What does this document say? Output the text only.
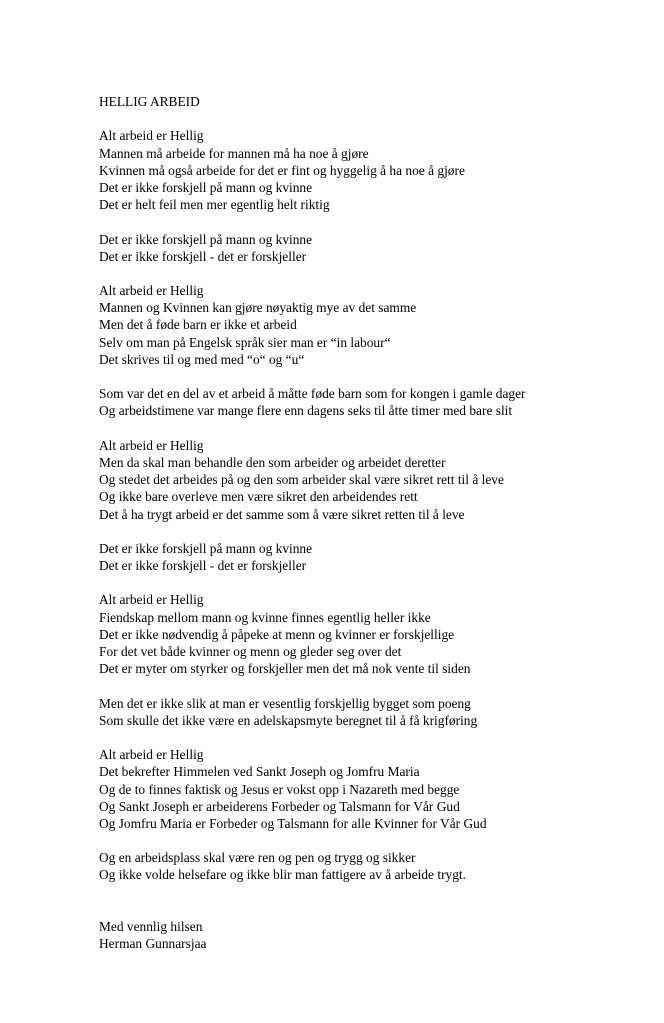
HELLIG ARBEID
Alt arbeid er Hellig
Mannen må arbeide for mannen må ha noe å gjøre
Kvinnen må også arbeide for det er fint og hyggelig å ha noe å gjøre
Det er ikke forskjell på mann og kvinne
Det er helt feil men mer egentlig helt riktig
Det er ikke forskjell på mann og kvinne
Det er ikke forskjell - det er forskjeller
Alt arbeid er Hellig
Mannen og Kvinnen kan gjøre nøyaktig mye av det samme
Men det å føde barn er ikke et arbeid
Selv om man på Engelsk språk sier man er “in labour“
Det skrives til og med med “o“ og “u“
Som var det en del av et arbeid å måtte føde barn som for kongen i gamle dager
Og arbeidstimene var mange flere enn dagens seks til åtte timer med bare slit
Alt arbeid er Hellig
Men da skal man behandle den som arbeider og arbeidet deretter
Og stedet det arbeides på og den som arbeider skal være sikret rett til å leve
Og ikke bare overleve men være sikret den arbeidendes rett
Det å ha trygt arbeid er det samme som å være sikret retten til å leve
Det er ikke forskjell på mann og kvinne
Det er ikke forskjell - det er forskjeller
Alt arbeid er Hellig
Fiendskap mellom mann og kvinne finnes egentlig heller ikke
Det er ikke nødvendig å påpeke at menn og kvinner er forskjellige
For det vet både kvinner og menn og gleder seg over det
Det er myter om styrker og forskjeller men det må nok vente til siden
Men det er ikke slik at man er vesentlig forskjellig bygget som poeng
Som skulle det ikke være en adelskapsmyte beregnet til å få krigføring
Alt arbeid er Hellig
Det bekrefter Himmelen ved Sankt Joseph og Jomfru Maria
Og de to finnes faktisk og Jesus er vokst opp i Nazareth med begge
Og Sankt Joseph er arbeiderens Forbeder og Talsmann for Vår Gud
Og Jomfru Maria er Forbeder og Talsmann for alle Kvinner for Vår Gud
Og en arbeidsplass skal være ren og pen og trygg og sikker
Og ikke volde helsefare og ikke blir man fattigere av å arbeide trygt.
Med vennlig hilsen
Herman Gunnarsjaa
